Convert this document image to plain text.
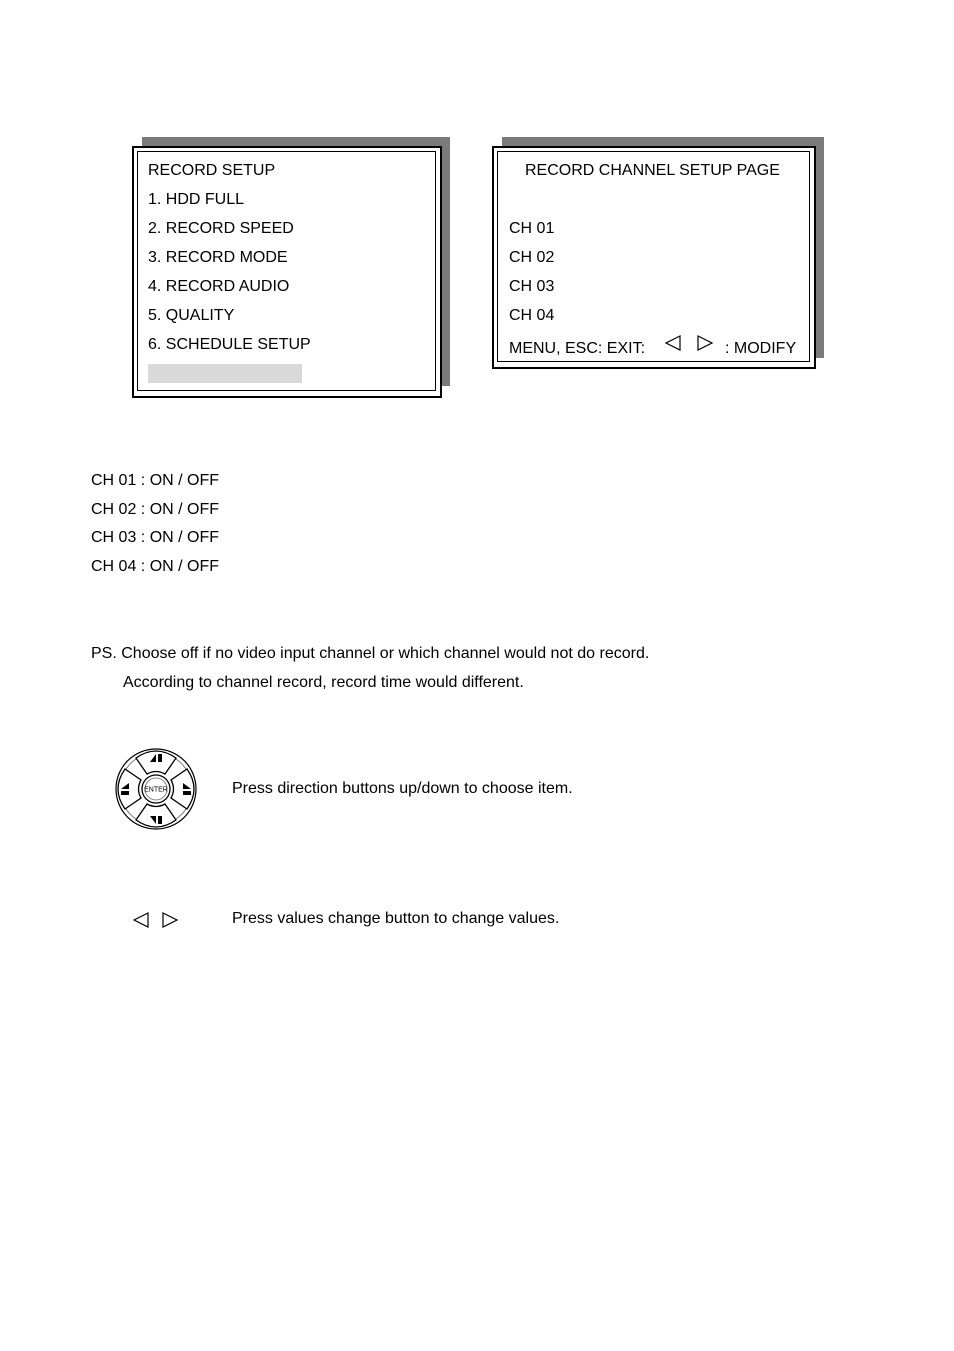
RECORD SETUP
1. HDD FULL
2. RECORD SPEED
3. RECORD MODE
4. RECORD AUDIO
5. QUALITY
6. SCHEDULE SETUP
RECORD CHANNEL SETUP PAGE
CH 01
CH 02
CH 03
CH 04
MENU, ESC: EXIT:	: MODIFY
CH 01 : ON / OFF
CH 02 : ON / OFF
CH 03 : ON / OFF
CH 04 : ON / OFF
PS. Choose off if no video input channel or which channel would not do record.
According to channel record, record time would different.
ENTER	Press direction buttons up/down to choose item.
Press values change button to change values.
